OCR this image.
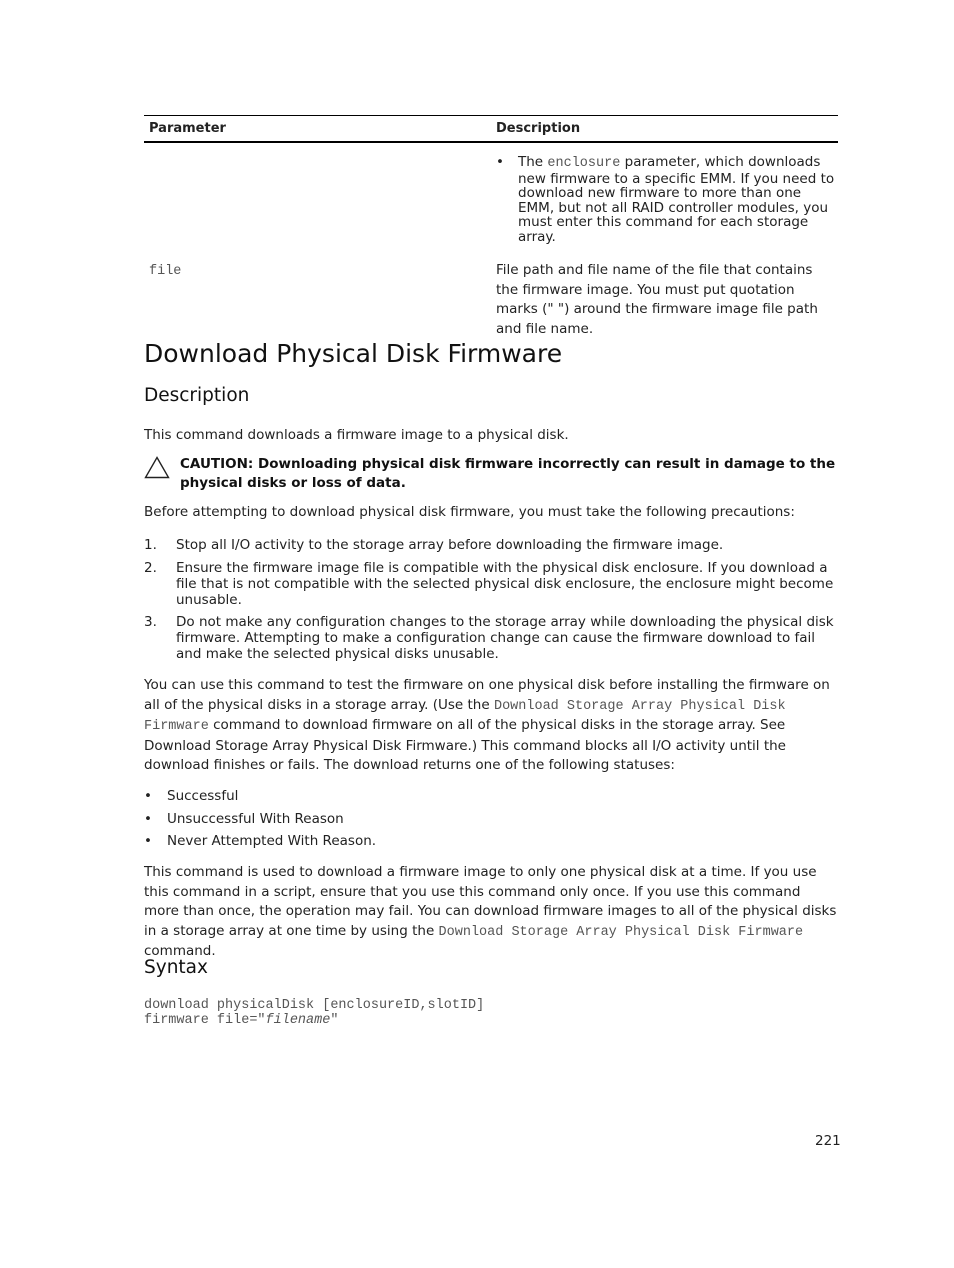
Parameter	Description
• The enclosure parameter, which downloads new firmware to a specific EMM. If you need to download new firmware to more than one EMM, but not all RAID controller modules, you must enter this command for each storage array.
file	File path and file name of the file that contains the firmware image. You must put quotation marks (" ") around the firmware image file path and file name.
Download Physical Disk Firmware
Description

This command downloads a firmware image to a physical disk.

CAUTION: Downloading physical disk firmware incorrectly can result in damage to the physical disks or loss of data.

Before attempting to download physical disk firmware, you must take the following precautions:

1. Stop all I/O activity to the storage array before downloading the firmware image.
2. Ensure the firmware image file is compatible with the physical disk enclosure. If you download a file that is not compatible with the selected physical disk enclosure, the enclosure might become unusable.
3. Do not make any configuration changes to the storage array while downloading the physical disk firmware. Attempting to make a configuration change can cause the firmware download to fail and make the selected physical disks unusable.

You can use this command to test the firmware on one physical disk before installing the firmware on all of the physical disks in a storage array. (Use the Download Storage Array Physical Disk Firmware command to download firmware on all of the physical disks in the storage array. See Download Storage Array Physical Disk Firmware.) This command blocks all I/O activity until the download finishes or fails. The download returns one of the following statuses:

• Successful
• Unsuccessful With Reason
• Never Attempted With Reason.

This command is used to download a firmware image to only one physical disk at a time. If you use this command in a script, ensure that you use this command only once. If you use this command more than once, the operation may fail. You can download firmware images to all of the physical disks in a storage array at one time by using the Download Storage Array Physical Disk Firmware command.

Syntax
download physicalDisk [enclosureID,slotID]
firmware file="filename"
221
